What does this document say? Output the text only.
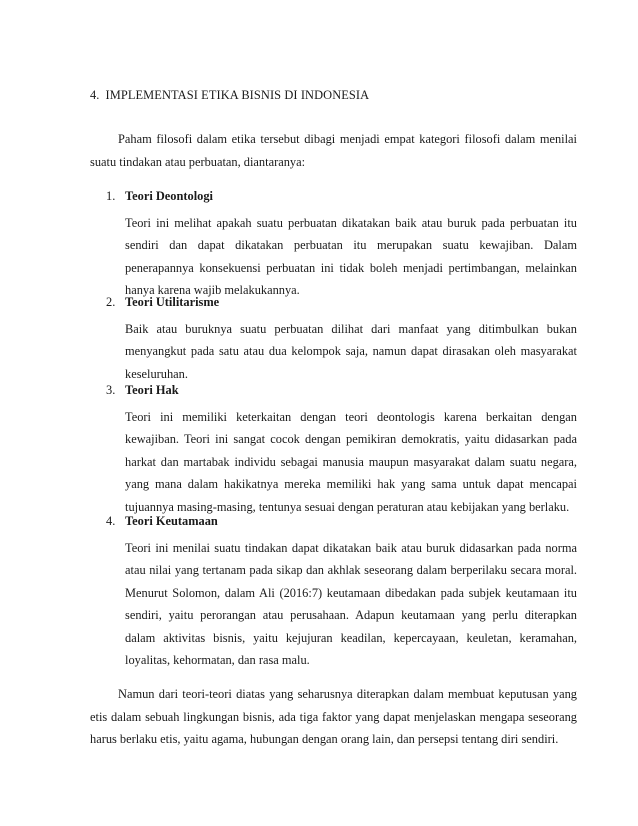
4. IMPLEMENTASI ETIKA BISNIS DI INDONESIA

Paham filosofi dalam etika tersebut dibagi menjadi empat kategori filosofi dalam menilai suatu tindakan atau perbuatan, diantaranya:

1. Teori Deontologi

Teori ini melihat apakah suatu perbuatan dikatakan baik atau buruk pada perbuatan itu sendiri dan dapat dikatakan perbuatan itu merupakan suatu kewajiban. Dalam penerapannya konsekuensi perbuatan ini tidak boleh menjadi pertimbangan, melainkan hanya karena wajib melakukannya.

2. Teori Utilitarisme

Baik atau buruknya suatu perbuatan dilihat dari manfaat yang ditimbulkan bukan menyangkut pada satu atau dua kelompok saja, namun dapat dirasakan oleh masyarakat keseluruhan.

3. Teori Hak

Teori ini memiliki keterkaitan dengan teori deontologis karena berkaitan dengan kewajiban. Teori ini sangat cocok dengan pemikiran demokratis, yaitu didasarkan pada harkat dan martabak individu sebagai manusia maupun masyarakat dalam suatu negara, yang mana dalam hakikatnya mereka memiliki hak yang sama untuk dapat mencapai tujuannya masing-masing, tentunya sesuai dengan peraturan atau kebijakan yang berlaku.

4. Teori Keutamaan

Teori ini menilai suatu tindakan dapat dikatakan baik atau buruk didasarkan pada norma atau nilai yang tertanam pada sikap dan akhlak seseorang dalam berperilaku secara moral. Menurut Solomon, dalam Ali (2016:7) keutamaan dibedakan pada subjek keutamaan itu sendiri, yaitu perorangan atau perusahaan. Adapun keutamaan yang perlu diterapkan dalam aktivitas bisnis, yaitu kejujuran keadilan, kepercayaan, keuletan, keramahan, loyalitas, kehormatan, dan rasa malu.

Namun dari teori-teori diatas yang seharusnya diterapkan dalam membuat keputusan yang etis dalam sebuah lingkungan bisnis, ada tiga faktor yang dapat menjelaskan mengapa seseorang harus berlaku etis, yaitu agama, hubungan dengan orang lain, dan persepsi tentang diri sendiri.
